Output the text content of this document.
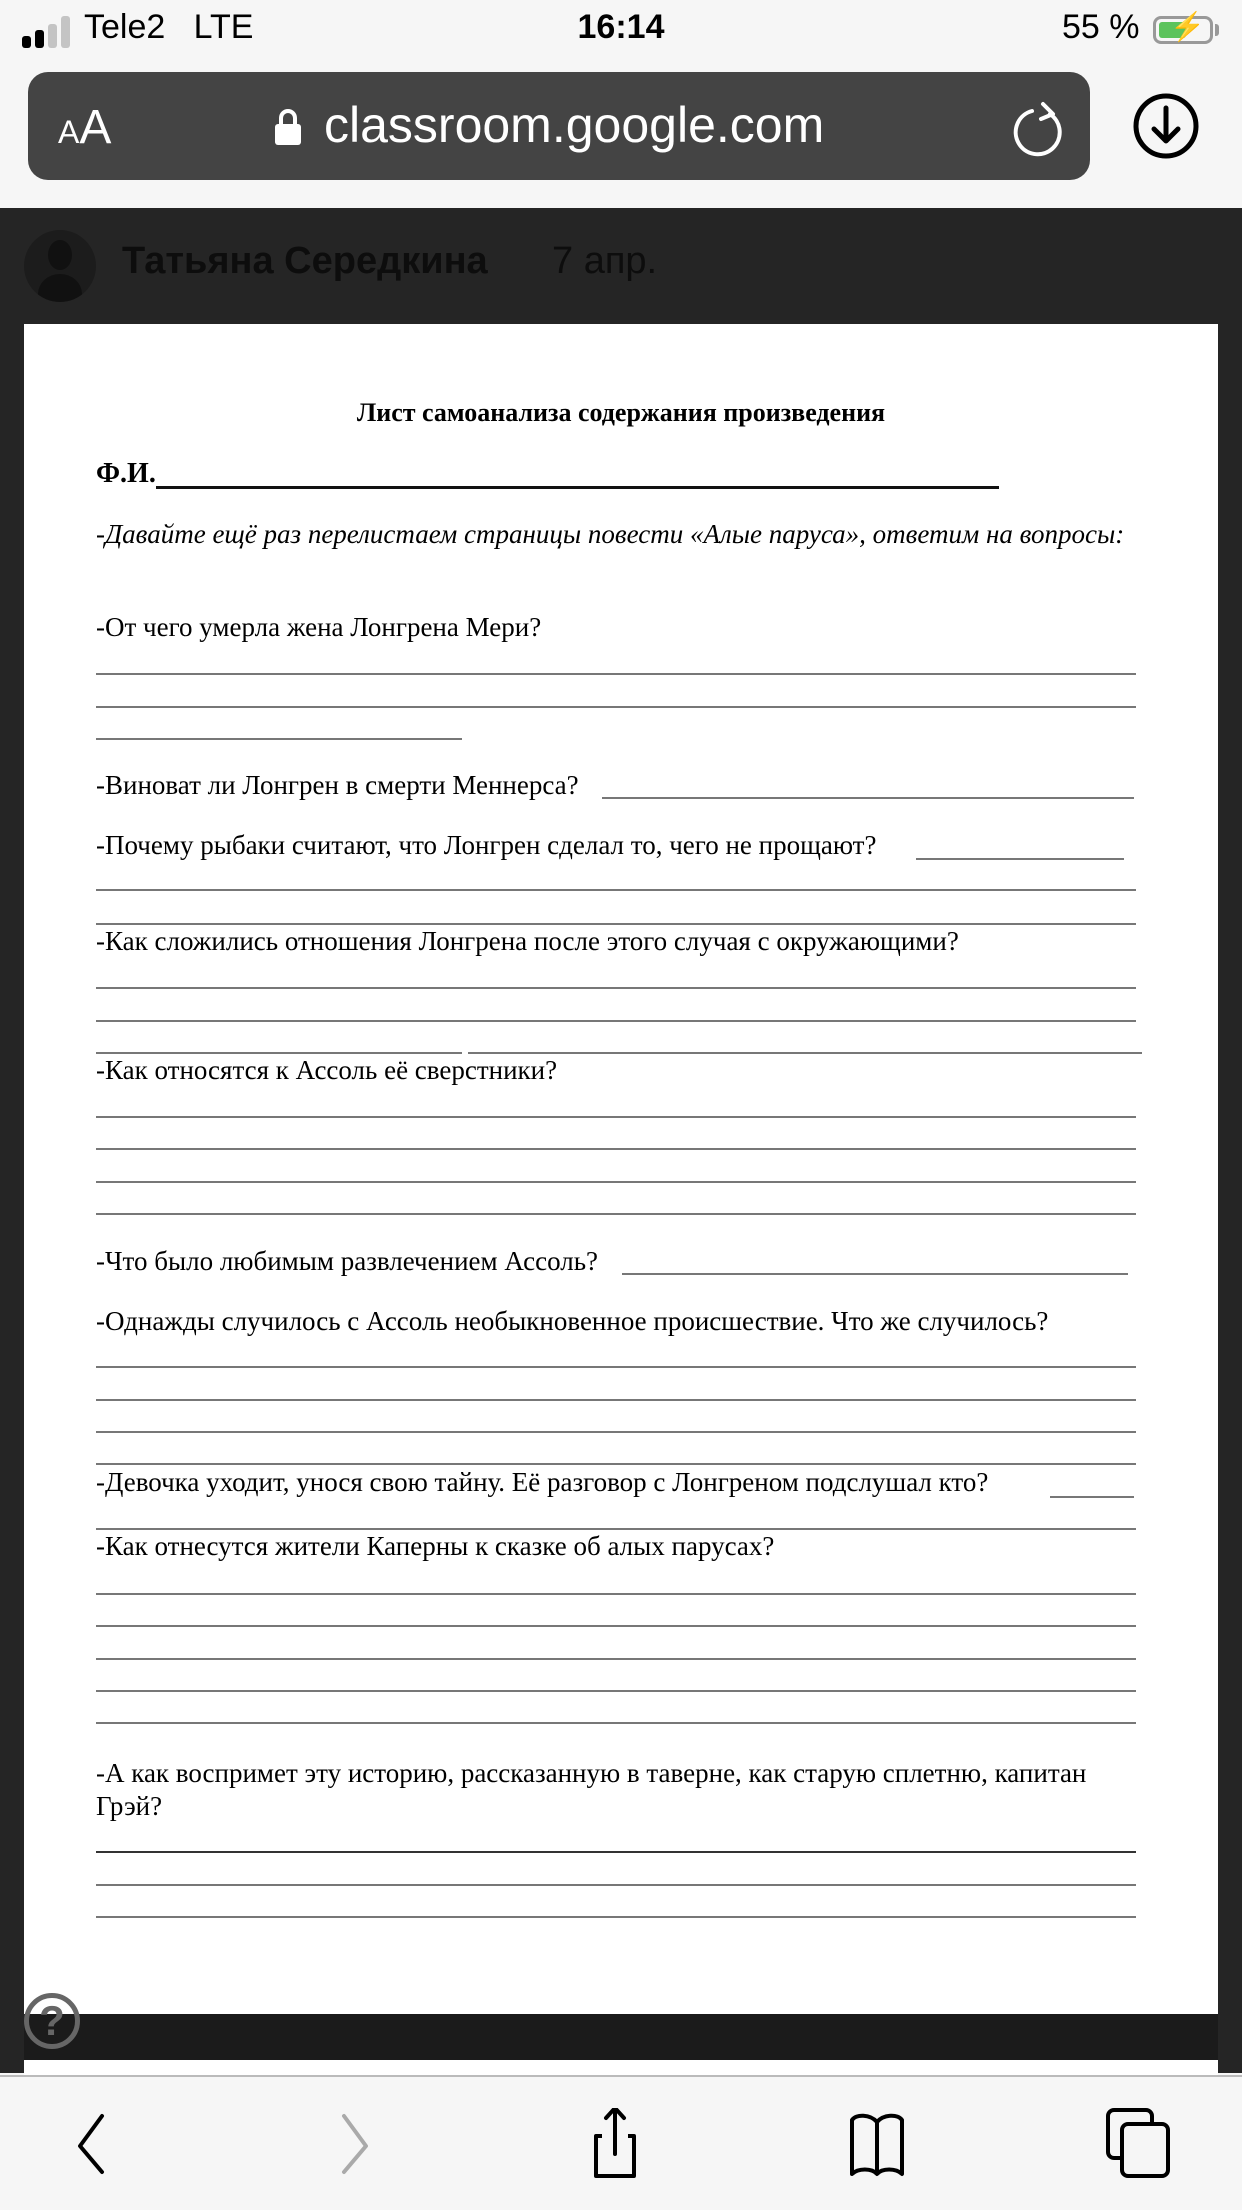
Tele2 LTE	16:14	55 % ⚡
AA	classroom.google.com
Татьяна Середкина 7 апр.
Лист самоанализа содержания произведения
Ф.И.
-Давайте ещё раз перелистаем страницы повести «Алые паруса», ответим на вопросы:
-От чего умерла жена Лонгрена Мери?
-Виноват ли Лонгрен в смерти Меннерса?
-Почему рыбаки считают, что Лонгрен сделал то, чего не прощают?
-Как сложились отношения Лонгрена после этого случая с окружающими?
-Как относятся к Ассоль её сверстники?
-Что было любимым развлечением Ассоль?
-Однажды случилось с Ассоль необыкновенное происшествие. Что же случилось?
-Девочка уходит, унося свою тайну. Её разговор с Лонгреном подслушал кто?
-Как отнесутся жители Каперны к сказке об алых парусах?
-А как воспримет эту историю, рассказанную в таверне, как старую сплетню, капитан Грэй?
?
